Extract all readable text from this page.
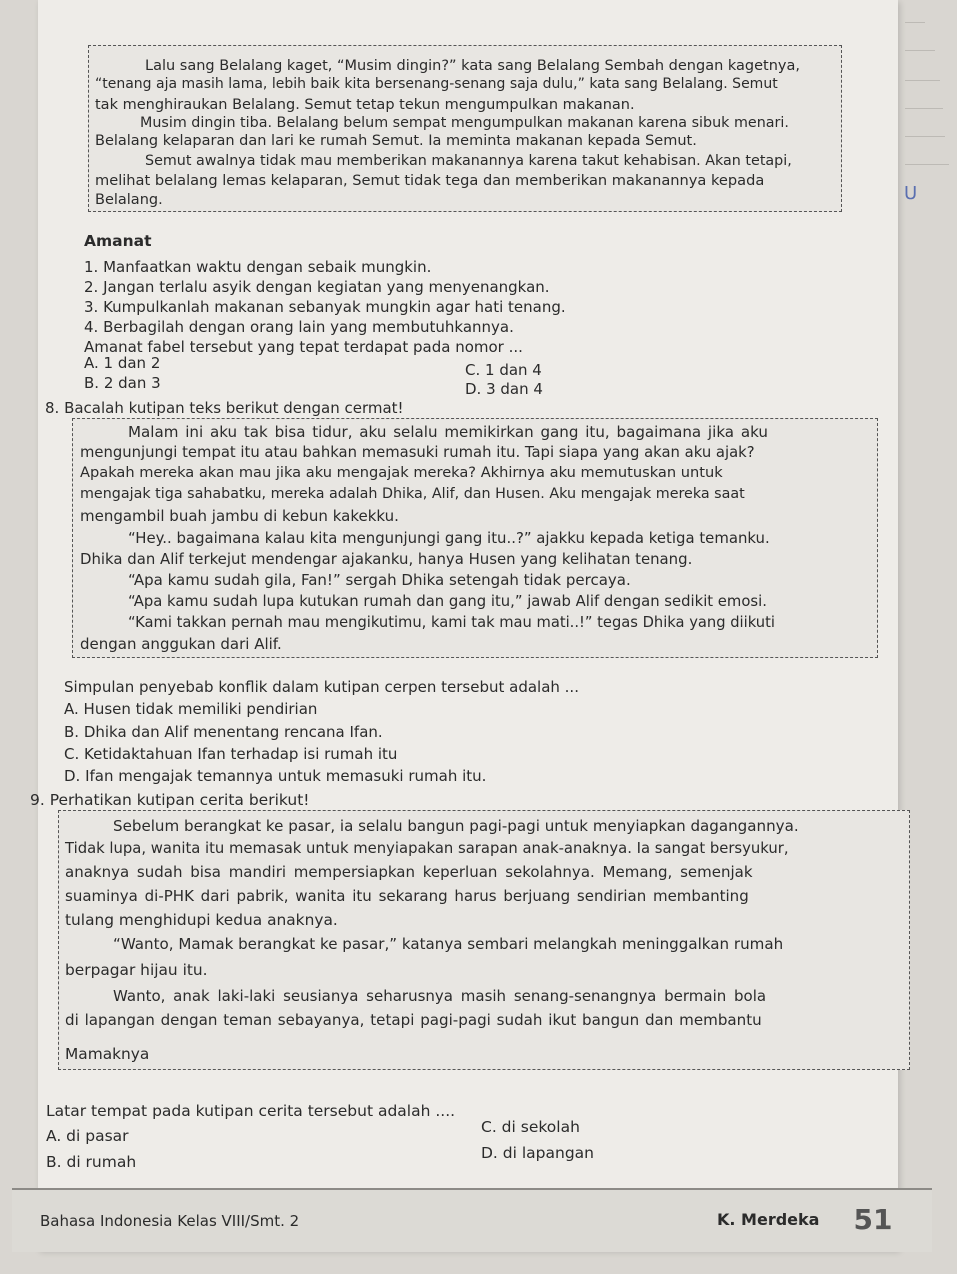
U
Lalu sang Belalang kaget, “Musim dingin?” kata sang Belalang Sembah dengan kagetnya,
“tenang aja masih lama, lebih baik kita bersenang-senang saja dulu,” kata sang Belalang. Semut
tak menghiraukan Belalang. Semut tetap tekun mengumpulkan makanan.
Musim dingin tiba. Belalang belum sempat mengumpulkan makanan karena sibuk menari.
Belalang kelaparan dan lari ke rumah Semut. Ia meminta makanan kepada Semut.
Semut awalnya tidak mau memberikan makanannya karena takut kehabisan. Akan tetapi,
melihat belalang lemas kelaparan, Semut tidak tega dan memberikan makanannya kepada
Belalang.
Amanat
1. Manfaatkan waktu dengan sebaik mungkin.
2. Jangan terlalu asyik dengan kegiatan yang menyenangkan.
3. Kumpulkanlah makanan sebanyak mungkin agar hati tenang.
4. Berbagilah dengan orang lain yang membutuhkannya.
Amanat fabel tersebut yang tepat terdapat pada nomor ...
A. 1 dan 2	C. 1 dan 4
B. 2 dan 3	D. 3 dan 4
8. Bacalah kutipan teks berikut dengan cermat!
Malam ini aku tak bisa tidur, aku selalu memikirkan gang itu, bagaimana jika aku
mengunjungi tempat itu atau bahkan memasuki rumah itu. Tapi siapa yang akan aku ajak?
Apakah mereka akan mau jika aku mengajak mereka? Akhirnya aku memutuskan untuk
mengajak tiga sahabatku, mereka adalah Dhika, Alif, dan Husen. Aku mengajak mereka saat
mengambil buah jambu di kebun kakekku.
“Hey.. bagaimana kalau kita mengunjungi gang itu..?” ajakku kepada ketiga temanku.
Dhika dan Alif terkejut mendengar ajakanku, hanya Husen yang kelihatan tenang.
“Apa kamu sudah gila, Fan!” sergah Dhika setengah tidak percaya.
“Apa kamu sudah lupa kutukan rumah dan gang itu,” jawab Alif dengan sedikit emosi.
“Kami takkan pernah mau mengikutimu, kami tak mau mati..!” tegas Dhika yang diikuti
dengan anggukan dari Alif.
Simpulan penyebab konflik dalam kutipan cerpen tersebut adalah ...
A. Husen tidak memiliki pendirian
B. Dhika dan Alif menentang rencana Ifan.
C. Ketidaktahuan Ifan terhadap isi rumah itu
D. Ifan mengajak temannya untuk memasuki rumah itu.
9. Perhatikan kutipan cerita berikut!
Sebelum berangkat ke pasar, ia selalu bangun pagi-pagi untuk menyiapkan dagangannya.
Tidak lupa, wanita itu memasak untuk menyiapakan sarapan anak-anaknya. Ia sangat bersyukur,
anaknya sudah bisa mandiri mempersiapkan keperluan sekolahnya. Memang, semenjak
suaminya di-PHK dari pabrik, wanita itu sekarang harus berjuang sendirian membanting
tulang menghidupi kedua anaknya.
“Wanto, Mamak berangkat ke pasar,” katanya sembari melangkah meninggalkan rumah
berpagar hijau itu.
Wanto, anak laki-laki seusianya seharusnya masih senang-senangnya bermain bola
di lapangan dengan teman sebayanya, tetapi pagi-pagi sudah ikut bangun dan membantu
Mamaknya
Latar tempat pada kutipan cerita tersebut adalah ....
A. di pasar	C. di sekolah
B. di rumah	D. di lapangan
Bahasa Indonesia Kelas VIII/Smt. 2	K. Merdeka 51
